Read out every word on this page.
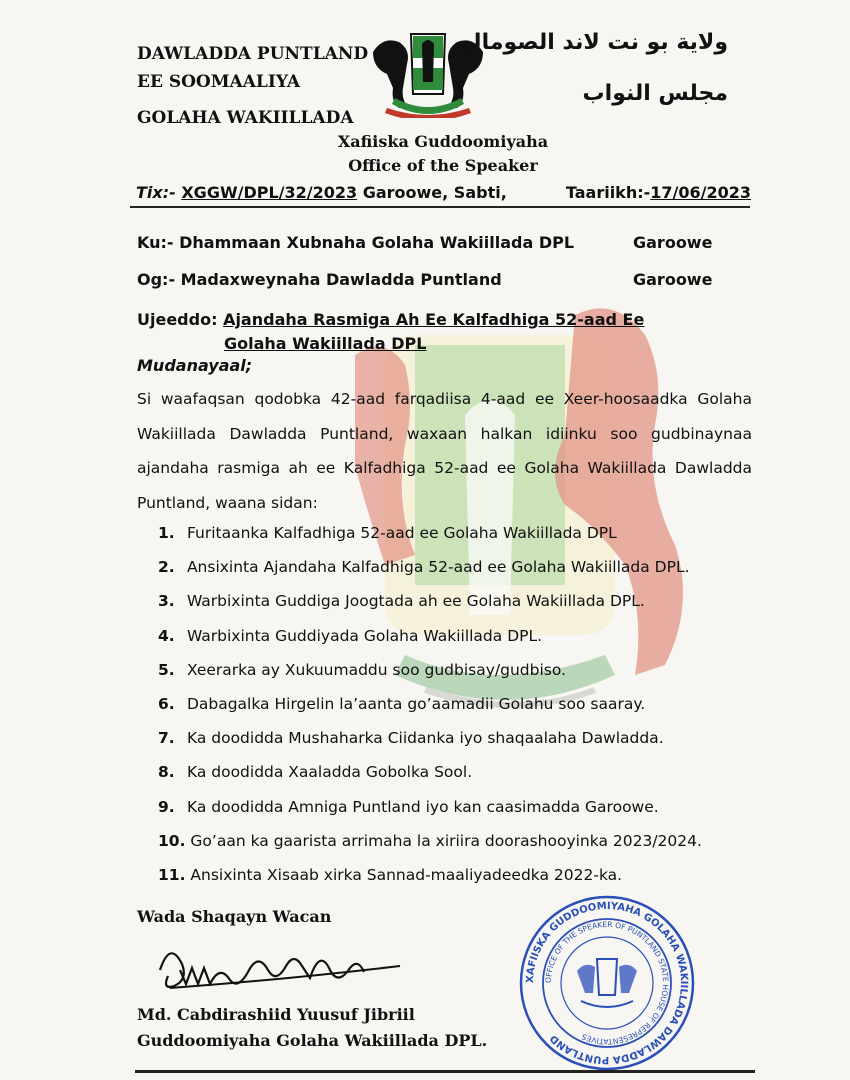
DAWLADDA PUNTLAND
EE SOOMAALIYA
GOLAHA WAKIILLADA
ولاية بو نت لاند الصومال
مجلس النواب
Xafiiska Guddoomiyaha
Office of the Speaker
Tix:- XGGW/DPL/32/2023 Garoowe, Sabti,	Taariikh:-17/06/2023
Ku:- Dhammaan Xubnaha Golaha Wakiillada DPL	Garoowe
Og:- Madaxweynaha Dawladda Puntland	Garoowe
Ujeeddo: Ajandaha Rasmiga Ah Ee Kalfadhiga 52-aad Ee
Golaha Wakiillada DPL
Mudanayaal;
Si waafaqsan qodobka 42-aad farqadiisa 4-aad ee Xeer-hoosaadka Golaha Wakiillada Dawladda Puntland, waxaan halkan idiinku soo gudbinaynaa ajandaha rasmiga ah ee Kalfadhiga 52-aad ee Golaha Wakiillada Dawladda Puntland, waana sidan:
1. Furitaanka Kalfadhiga 52-aad ee Golaha Wakiillada DPL
2. Ansixinta Ajandaha Kalfadhiga 52-aad ee Golaha Wakiillada DPL.
3. Warbixinta Guddiga Joogtada ah ee Golaha Wakiillada DPL.
4. Warbixinta Guddiyada Golaha Wakiillada DPL.
5. Xeerarka ay Xukuumaddu soo gudbisay/gudbiso.
6. Dabagalka Hirgelin la’aanta go’aamadii Golahu soo saaray.
7. Ka doodidda Mushaharka Ciidanka iyo shaqaalaha Dawladda.
8. Ka doodidda Xaaladda Gobolka Sool.
9. Ka doodidda Amniga Puntland iyo kan caasimadda Garoowe.
10. Go’aan ka gaarista arrimaha la xiriira doorashooyinka 2023/2024.
11. Ansixinta Xisaab xirka Sannad-maaliyadeedka 2022-ka.
Wada Shaqayn Wacan
Md. Cabdirashiid Yuusuf Jibriil
Guddoomiyaha Golaha Wakiillada DPL.
XAFIISKA GUDDOOMIYAHA GOLAHA WAKIILLADA DAWLADDA PUNTLAND
OFFICE OF THE SPEAKER OF PUNTLAND STATE HOUSE OF REPRESENTATIVES
